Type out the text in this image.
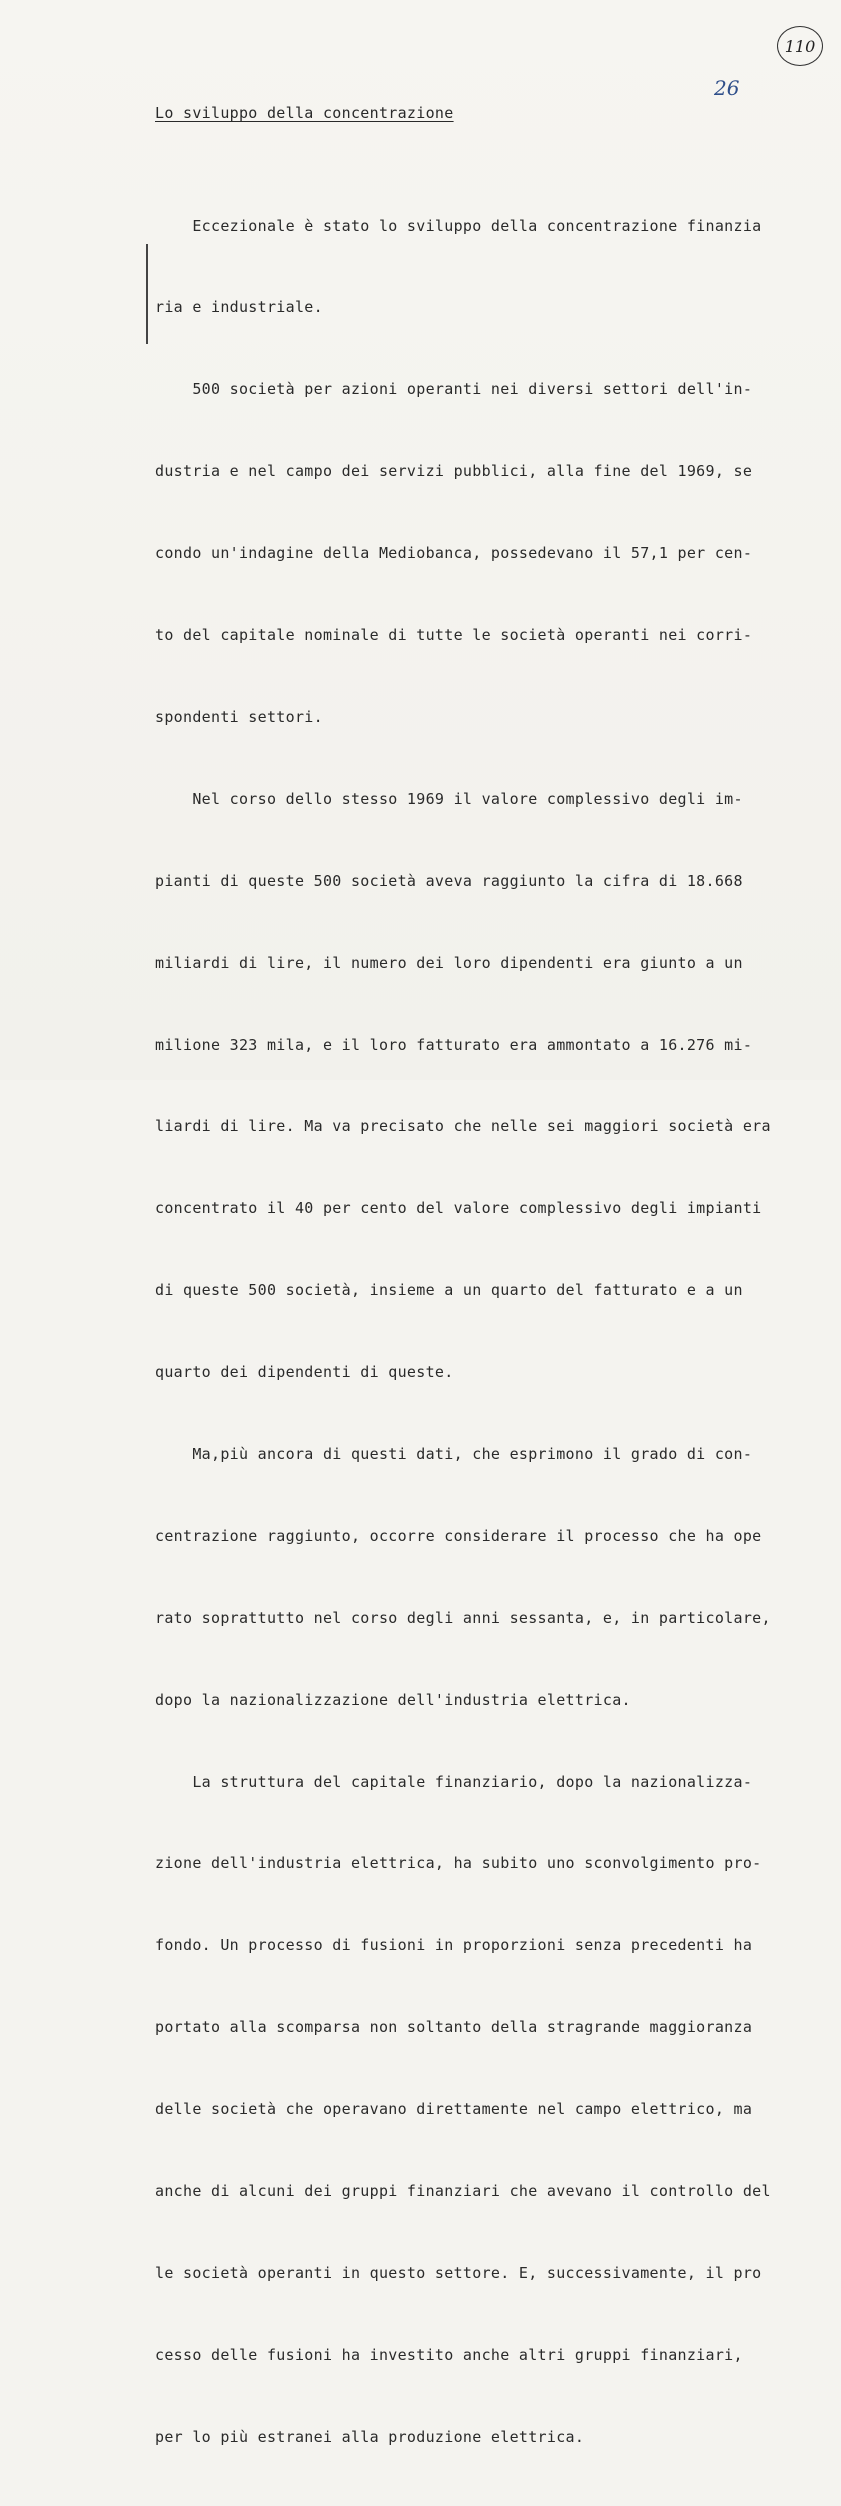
110
26
Lo sviluppo della concentrazione

Eccezionale è stato lo sviluppo della concentrazione finanzia

ria e industriale.

500 società per azioni operanti nei diversi settori dell'in-

dustria e nel campo dei servizi pubblici, alla fine del 1969, se

condo un'indagine della Mediobanca, possedevano il 57,1 per cen-

to del capitale nominale di tutte le società operanti nei corri-

spondenti settori.

Nel corso dello stesso 1969 il valore complessivo degli im-

pianti di queste 500 società aveva raggiunto la cifra di 18.668

miliardi di lire, il numero dei loro dipendenti era giunto a un

milione 323 mila, e il loro fatturato era ammontato a 16.276 mi-

liardi di lire. Ma va precisato che nelle sei maggiori società era

concentrato il 40 per cento del valore complessivo degli impianti

di queste 500 società, insieme a un quarto del fatturato e a un

quarto dei dipendenti di queste.

Ma,più ancora di questi dati, che esprimono il grado di con-

centrazione raggiunto, occorre considerare il processo che ha ope

rato soprattutto nel corso degli anni sessanta, e, in particolare,

dopo la nazionalizzazione dell'industria elettrica.

La struttura del capitale finanziario, dopo la nazionalizza-

zione dell'industria elettrica, ha subito uno sconvolgimento pro-

fondo. Un processo di fusioni in proporzioni senza precedenti ha

portato alla scomparsa non soltanto della stragrande maggioranza

delle società che operavano direttamente nel campo elettrico, ma

anche di alcuni dei gruppi finanziari che avevano il controllo del

le società operanti in questo settore. E, successivamente, il pro

cesso delle fusioni ha investito anche altri gruppi finanziari,

per lo più estranei alla produzione elettrica.
